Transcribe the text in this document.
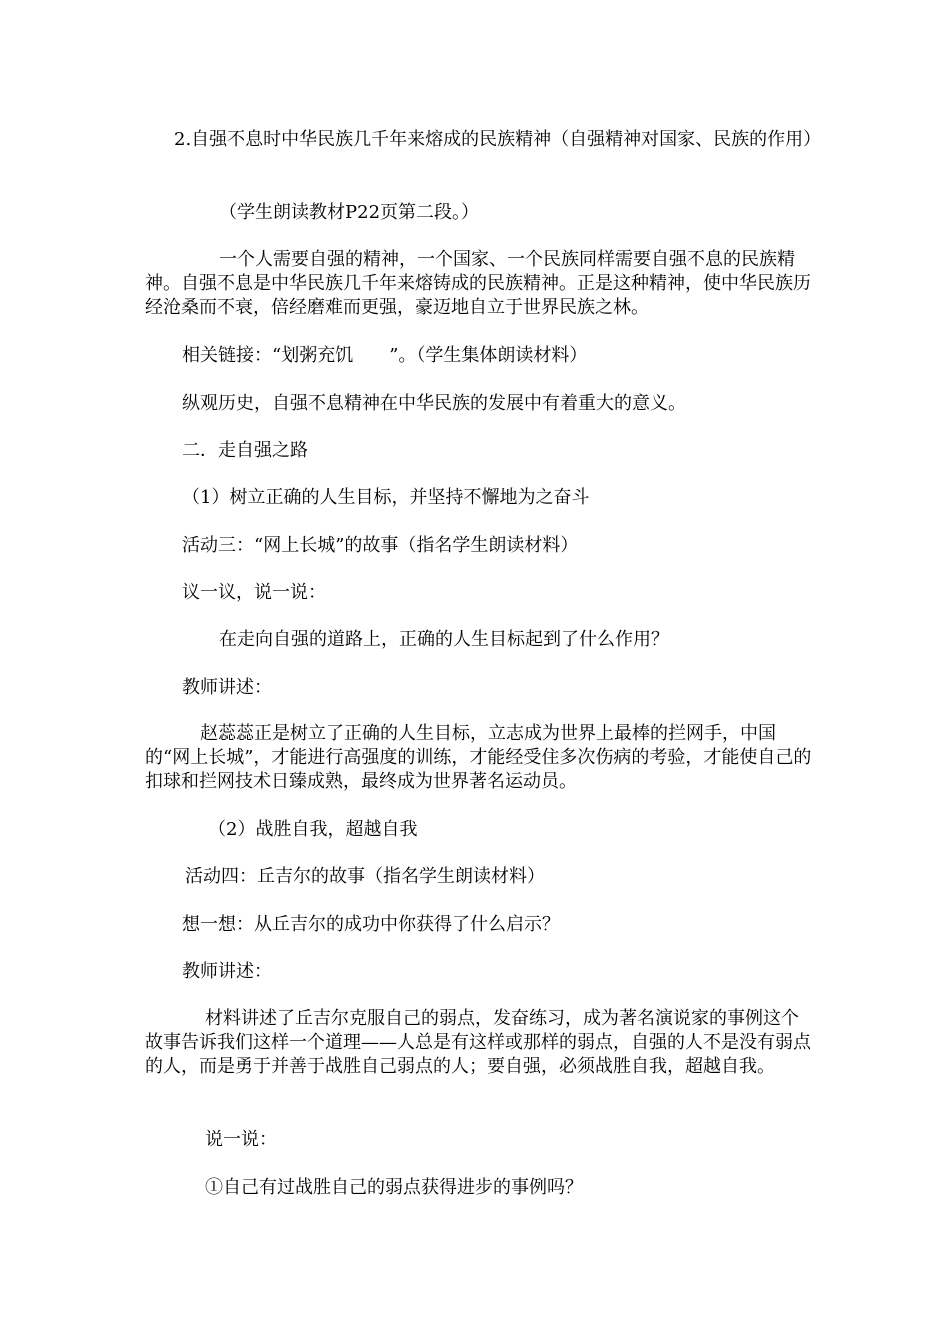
2.自强不息时中华民族几千年来熔成的民族精神（自强精神对国家、民族的作用）

（学生朗读教材P22页第二段。）

一个人需要自强的精神，一个国家、一个民族同样需要自强不息的民族精神。自强不息是中华民族几千年来熔铸成的民族精神。正是这种精神，使中华民族历经沧桑而不衰，倍经磨难而更强，豪迈地自立于世界民族之林。

相关链接：“划粥充饥　　”。（学生集体朗读材料）

纵观历史，自强不息精神在中华民族的发展中有着重大的意义。

二．走自强之路

（1）树立正确的人生目标，并坚持不懈地为之奋斗

活动三：“网上长城”的故事（指名学生朗读材料）

议一议，说一说：

在走向自强的道路上，正确的人生目标起到了什么作用？

教师讲述：

赵蕊蕊正是树立了正确的人生目标，立志成为世界上最棒的拦网手，中国的“网上长城”，才能进行高强度的训练，才能经受住多次伤病的考验，才能使自己的扣球和拦网技术日臻成熟，最终成为世界著名运动员。

（2）战胜自我，超越自我

活动四：丘吉尔的故事（指名学生朗读材料）

想一想：从丘吉尔的成功中你获得了什么启示？

教师讲述：

材料讲述了丘吉尔克服自己的弱点，发奋练习，成为著名演说家的事例这个故事告诉我们这样一个道理——人总是有这样或那样的弱点，自强的人不是没有弱点的人，而是勇于并善于战胜自己弱点的人；要自强，必须战胜自我，超越自我。

说一说：

①自己有过战胜自己的弱点获得进步的事例吗？
